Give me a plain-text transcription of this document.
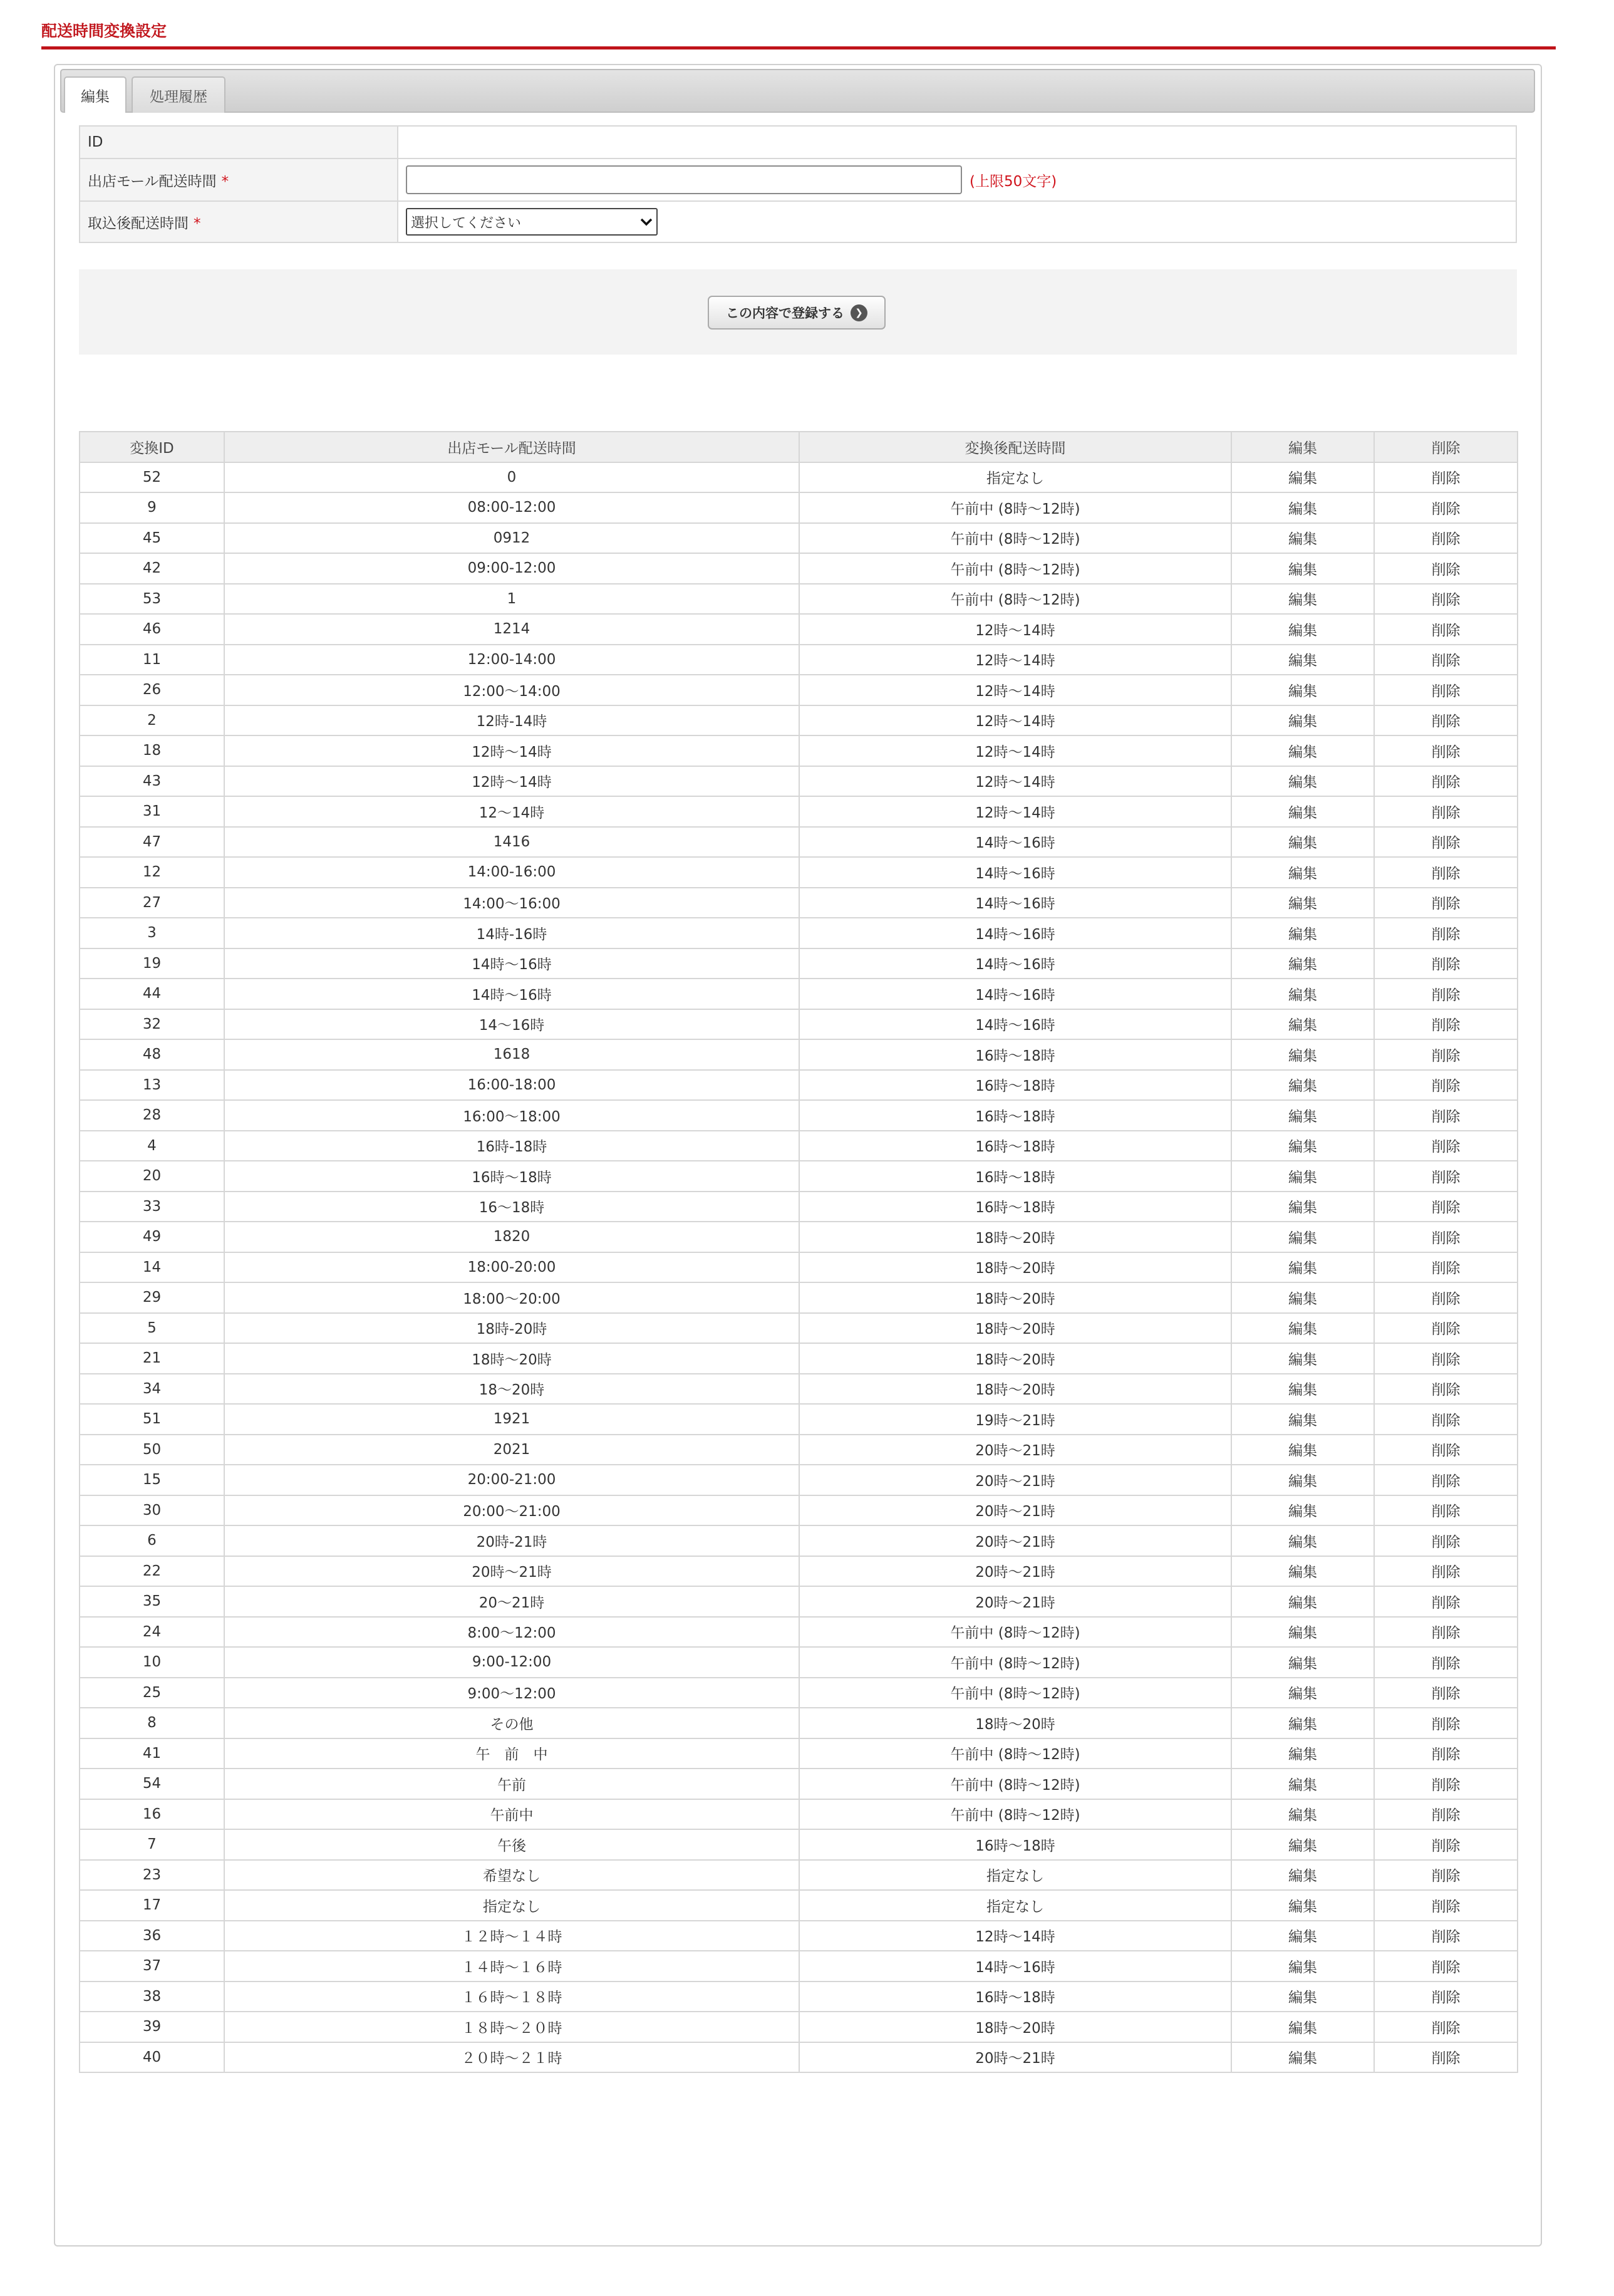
配送時間変換設定
編集	処理履歴
ID	
出店モール配送時間 *	(上限50文字)
取込後配送時間 *	選択してください
この内容で登録する	❯
変換ID	出店モール配送時間	変換後配送時間	編集	削除
52	0	指定なし	編集	削除
9	08:00-12:00	午前中 (8時～12時)	編集	削除
45	0912	午前中 (8時～12時)	編集	削除
42	09:00-12:00	午前中 (8時～12時)	編集	削除
53	1	午前中 (8時～12時)	編集	削除
46	1214	12時～14時	編集	削除
11	12:00-14:00	12時～14時	編集	削除
26	12:00～14:00	12時～14時	編集	削除
2	12時-14時	12時～14時	編集	削除
18	12時～14時	12時～14時	編集	削除
43	12時～14時	12時～14時	編集	削除
31	12～14時	12時～14時	編集	削除
47	1416	14時～16時	編集	削除
12	14:00-16:00	14時～16時	編集	削除
27	14:00～16:00	14時～16時	編集	削除
3	14時-16時	14時～16時	編集	削除
19	14時～16時	14時～16時	編集	削除
44	14時～16時	14時～16時	編集	削除
32	14～16時	14時～16時	編集	削除
48	1618	16時～18時	編集	削除
13	16:00-18:00	16時～18時	編集	削除
28	16:00～18:00	16時～18時	編集	削除
4	16時-18時	16時～18時	編集	削除
20	16時～18時	16時～18時	編集	削除
33	16～18時	16時～18時	編集	削除
49	1820	18時～20時	編集	削除
14	18:00-20:00	18時～20時	編集	削除
29	18:00～20:00	18時～20時	編集	削除
5	18時-20時	18時～20時	編集	削除
21	18時～20時	18時～20時	編集	削除
34	18～20時	18時～20時	編集	削除
51	1921	19時～21時	編集	削除
50	2021	20時～21時	編集	削除
15	20:00-21:00	20時～21時	編集	削除
30	20:00～21:00	20時～21時	編集	削除
6	20時-21時	20時～21時	編集	削除
22	20時～21時	20時～21時	編集	削除
35	20～21時	20時～21時	編集	削除
24	8:00～12:00	午前中 (8時～12時)	編集	削除
10	9:00-12:00	午前中 (8時～12時)	編集	削除
25	9:00～12:00	午前中 (8時～12時)	編集	削除
8	その他	18時～20時	編集	削除
41	午　前　中	午前中 (8時～12時)	編集	削除
54	午前	午前中 (8時～12時)	編集	削除
16	午前中	午前中 (8時～12時)	編集	削除
7	午後	16時～18時	編集	削除
23	希望なし	指定なし	編集	削除
17	指定なし	指定なし	編集	削除
36	１２時～１４時	12時～14時	編集	削除
37	１４時～１６時	14時～16時	編集	削除
38	１６時～１８時	16時～18時	編集	削除
39	１８時～２０時	18時～20時	編集	削除
40	２０時～２１時	20時～21時	編集	削除
